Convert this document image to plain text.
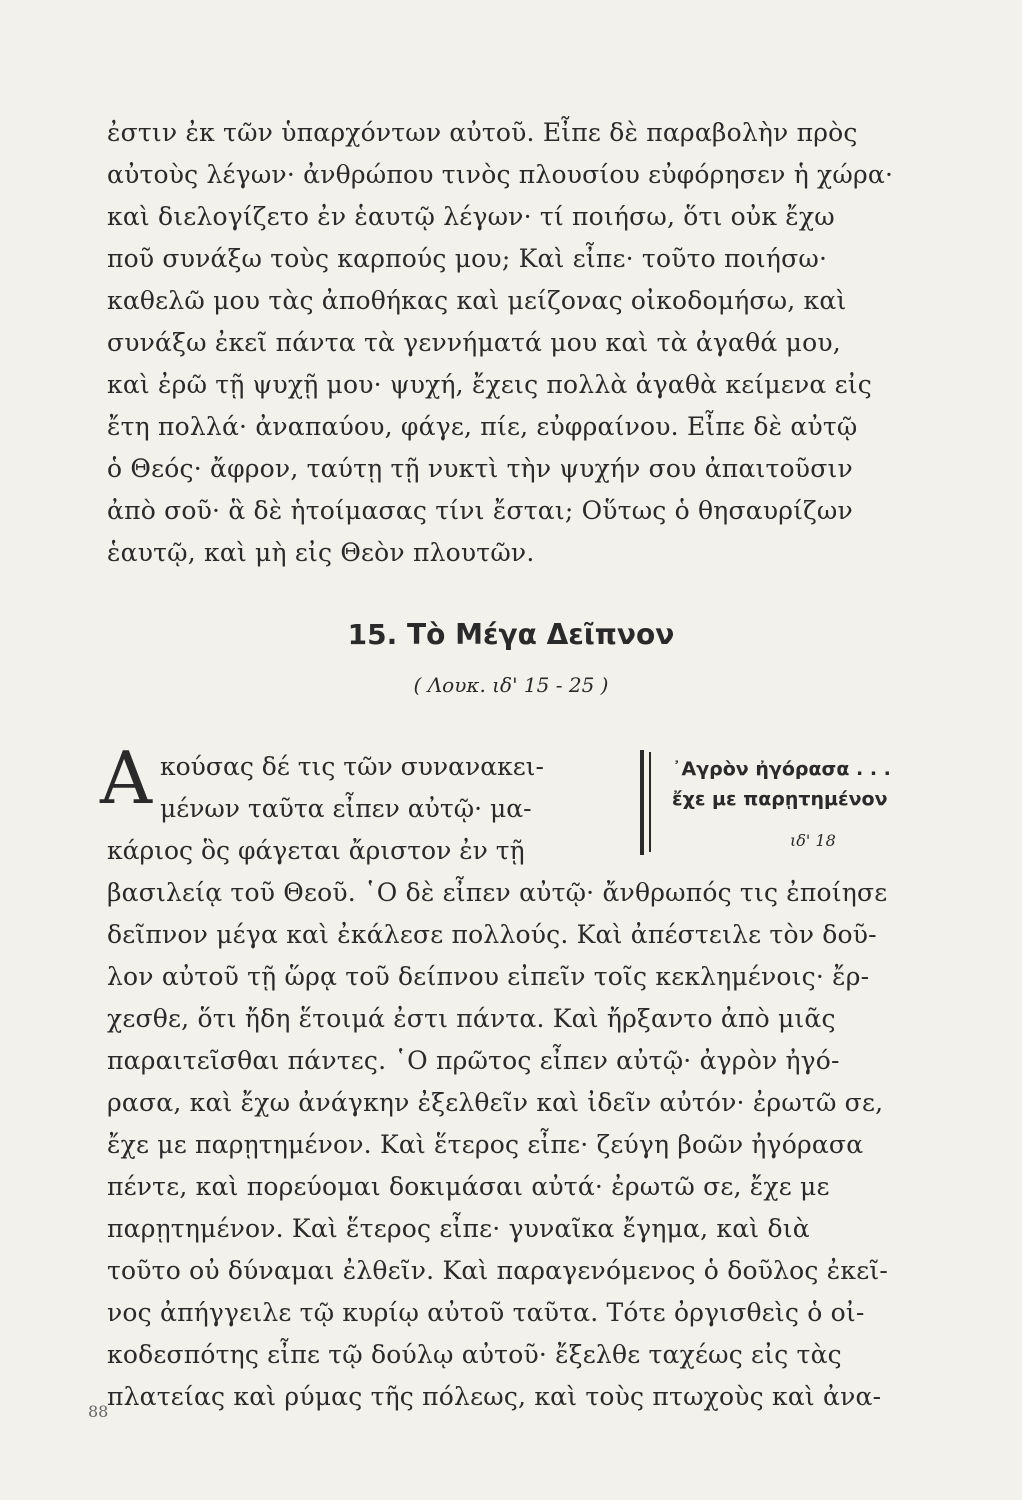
ἐστιν ἐκ τῶν ὑπαρχόντων αὐτοῦ. Εἶπε δὲ παραβολὴν πρὸς
αὐτοὺς λέγων· ἀνθρώπου τινὸς πλουσίου εὐφόρησεν ἡ χώρα·
καὶ διελογίζετο ἐν ἑαυτῷ λέγων· τί ποιήσω, ὅτι οὐκ ἔχω
ποῦ συνάξω τοὺς καρπούς μου; Καὶ εἶπε· τοῦτο ποιήσω·
καθελῶ μου τὰς ἀποθήκας καὶ μείζονας οἰκοδομήσω, καὶ
συνάξω ἐκεῖ πάντα τὰ γεννήματά μου καὶ τὰ ἀγαθά μου,
καὶ ἐρῶ τῇ ψυχῇ μου· ψυχή, ἔχεις πολλὰ ἀγαθὰ κείμενα εἰς
ἔτη πολλά· ἀναπαύου, φάγε, πίε, εὐφραίνου. Εἶπε δὲ αὐτῷ
ὁ Θεός· ἄφρον, ταύτῃ τῇ νυκτὶ τὴν ψυχήν σου ἀπαιτοῦσιν
ἀπὸ σοῦ· ἃ δὲ ἡτοίμασας τίνι ἔσται; Οὕτως ὁ θησαυρίζων
ἑαυτῷ, καὶ μὴ εἰς Θεὸν πλουτῶν.
15. Τὸ Μέγα Δεῖπνον
( Λουκ. ιδ' 15 - 25 )
Α κούσας δέ τις τῶν συνανακει-
μένων ταῦτα εἶπεν αὐτῷ· μα-
κάριος ὃς φάγεται ἄριστον ἐν τῇ
᾿Αγρὸν ἠγόρασα . . .
ἔχε με παρῃτημένον
ιδ' 18
βασιλείᾳ τοῦ Θεοῦ. ῾Ο δὲ εἶπεν αὐτῷ· ἄνθρωπός τις ἐποίησε
δεῖπνον μέγα καὶ ἐκάλεσε πολλούς. Καὶ ἀπέστειλε τὸν δοῦ-
λον αὐτοῦ τῇ ὥρᾳ τοῦ δείπνου εἰπεῖν τοῖς κεκλημένοις· ἔρ-
χεσθε, ὅτι ἤδη ἕτοιμά ἐστι πάντα. Καὶ ἤρξαντο ἀπὸ μιᾶς
παραιτεῖσθαι πάντες. ῾Ο πρῶτος εἶπεν αὐτῷ· ἀγρὸν ἠγό-
ρασα, καὶ ἔχω ἀνάγκην ἐξελθεῖν καὶ ἰδεῖν αὐτόν· ἐρωτῶ σε,
ἔχε με παρῃτημένον. Καὶ ἕτερος εἶπε· ζεύγη βοῶν ἠγόρασα
πέντε, καὶ πορεύομαι δοκιμάσαι αὐτά· ἐρωτῶ σε, ἔχε με
παρῃτημένον. Καὶ ἕτερος εἶπε· γυναῖκα ἔγημα, καὶ διὰ
τοῦτο οὐ δύναμαι ἐλθεῖν. Καὶ παραγενόμενος ὁ δοῦλος ἐκεῖ-
νος ἀπήγγειλε τῷ κυρίῳ αὐτοῦ ταῦτα. Τότε ὀργισθεὶς ὁ οἰ-
κοδεσπότης εἶπε τῷ δούλῳ αὐτοῦ· ἔξελθε ταχέως εἰς τὰς
πλατείας καὶ ρύμας τῆς πόλεως, καὶ τοὺς πτωχοὺς καὶ ἀνα-
88
